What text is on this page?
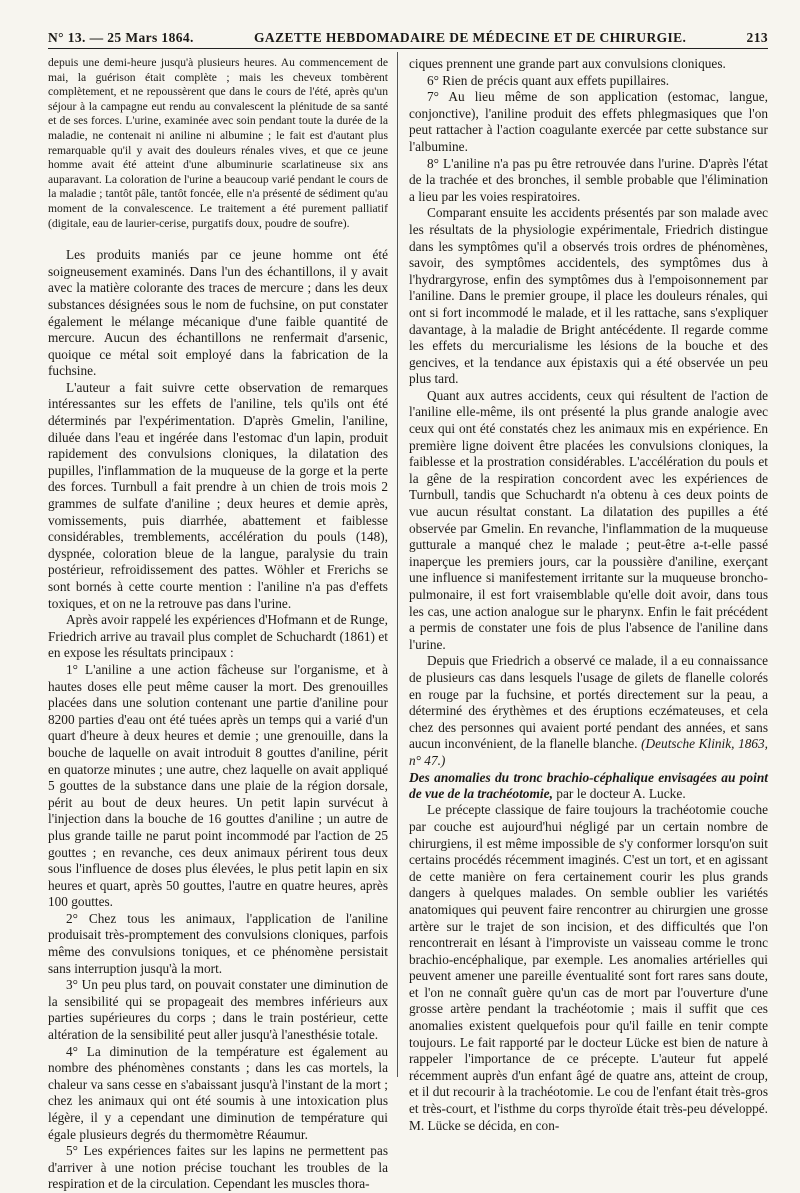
N° 13. — 25 Mars 1864.	GAZETTE HEBDOMADAIRE DE MÉDECINE ET DE CHIRURGIE.	213

depuis une demi-heure jusqu'à plusieurs heures. Au commencement de mai, la guérison était complète ; mais les cheveux tombèrent complètement, et ne repoussèrent que dans le cours de l'été, après qu'un séjour à la campagne eut rendu au convalescent la plénitude de sa santé et de ses forces. L'urine, examinée avec soin pendant toute la durée de la maladie, ne contenait ni aniline ni albumine ; le fait est d'autant plus remarquable qu'il y avait des douleurs rénales vives, et que ce jeune homme avait été atteint d'une albuminurie scarlatineuse six ans auparavant. La coloration de l'urine a beaucoup varié pendant le cours de la maladie ; tantôt pâle, tantôt foncée, elle n'a présenté de sédiment qu'au moment de la convalescence. Le traitement a été purement palliatif (digitale, eau de laurier-cerise, purgatifs doux, poudre de soufre).

Les produits maniés par ce jeune homme ont été soigneusement examinés. Dans l'un des échantillons, il y avait avec la matière colorante des traces de mercure ; dans les deux substances désignées sous le nom de fuchsine, on put constater également le mélange mécanique d'une faible quantité de mercure. Aucun des échantillons ne renfermait d'arsenic, quoique ce métal soit employé dans la fabrication de la fuchsine.

L'auteur a fait suivre cette observation de remarques intéressantes sur les effets de l'aniline, tels qu'ils ont été déterminés par l'expérimentation. D'après Gmelin, l'aniline, diluée dans l'eau et ingérée dans l'estomac d'un lapin, produit rapidement des convulsions cloniques, la dilatation des pupilles, l'inflammation de la muqueuse de la gorge et la perte des forces. Turnbull a fait prendre à un chien de trois mois 2 grammes de sulfate d'aniline ; deux heures et demie après, vomissements, puis diarrhée, abattement et faiblesse considérables, tremblements, accélération du pouls (148), dyspnée, coloration bleue de la langue, paralysie du train postérieur, refroidissement des pattes. Wöhler et Frerichs se sont bornés à cette courte mention : l'aniline n'a pas d'effets toxiques, et on ne la retrouve pas dans l'urine.

Après avoir rappelé les expériences d'Hofmann et de Runge, Friedrich arrive au travail plus complet de Schuchardt (1861) et en expose les résultats principaux :

1° L'aniline a une action fâcheuse sur l'organisme, et à hautes doses elle peut même causer la mort. Des grenouilles placées dans une solution contenant une partie d'aniline pour 8200 parties d'eau ont été tuées après un temps qui a varié d'un quart d'heure à deux heures et demie ; une grenouille, dans la bouche de laquelle on avait introduit 8 gouttes d'aniline, périt en quatorze minutes ; une autre, chez laquelle on avait appliqué 5 gouttes de la substance dans une plaie de la région dorsale, périt au bout de deux heures. Un petit lapin survécut à l'injection dans la bouche de 16 gouttes d'aniline ; un autre de plus grande taille ne parut point incommodé par l'action de 25 gouttes ; en revanche, ces deux animaux périrent tous deux sous l'influence de doses plus élevées, le plus petit lapin en six heures et quart, après 50 gouttes, l'autre en quatre heures, après 100 gouttes.

2° Chez tous les animaux, l'application de l'aniline produisait très-promptement des convulsions cloniques, parfois même des convulsions toniques, et ce phénomène persistait sans interruption jusqu'à la mort.

3° Un peu plus tard, on pouvait constater une diminution de la sensibilité qui se propageait des membres inférieurs aux parties supérieures du corps ; dans le train postérieur, cette altération de la sensibilité peut aller jusqu'à l'anesthésie totale.

4° La diminution de la température est également au nombre des phénomènes constants ; dans les cas mortels, la chaleur va sans cesse en s'abaissant jusqu'à l'instant de la mort ; chez les animaux qui ont été soumis à une intoxication plus légère, il y a cependant une diminution de température qui égale plusieurs degrés du thermomètre Réaumur.

5° Les expériences faites sur les lapins ne permettent pas d'arriver à une notion précise touchant les troubles de la respiration et de la circulation. Cependant les muscles thora-

ciques prennent une grande part aux convulsions cloniques.

6° Rien de précis quant aux effets pupillaires.

7° Au lieu même de son application (estomac, langue, conjonctive), l'aniline produit des effets phlegmasiques que l'on peut rattacher à l'action coagulante exercée par cette substance sur l'albumine.

8° L'aniline n'a pas pu être retrouvée dans l'urine. D'après l'état de la trachée et des bronches, il semble probable que l'élimination a lieu par les voies respiratoires.

Comparant ensuite les accidents présentés par son malade avec les résultats de la physiologie expérimentale, Friedrich distingue dans les symptômes qu'il a observés trois ordres de phénomènes, savoir, des symptômes accidentels, des symptômes dus à l'hydrargyrose, enfin des symptômes dus à l'empoisonnement par l'aniline. Dans le premier groupe, il place les douleurs rénales, qui ont si fort incommodé le malade, et il les rattache, sans s'expliquer davantage, à la maladie de Bright antécédente. Il regarde comme les effets du mercurialisme les lésions de la bouche et des gencives, et la tendance aux épistaxis qui a été observée un peu plus tard.

Quant aux autres accidents, ceux qui résultent de l'action de l'aniline elle-même, ils ont présenté la plus grande analogie avec ceux qui ont été constatés chez les animaux mis en expérience. En première ligne doivent être placées les convulsions cloniques, la faiblesse et la prostration considérables. L'accélération du pouls et la gêne de la respiration concordent avec les expériences de Turnbull, tandis que Schuchardt n'a obtenu à ces deux points de vue aucun résultat constant. La dilatation des pupilles a été observée par Gmelin. En revanche, l'inflammation de la muqueuse gutturale a manqué chez le malade ; peut-être a-t-elle passé inaperçue les premiers jours, car la poussière d'aniline, exerçant une influence si manifestement irritante sur la muqueuse broncho-pulmonaire, il est fort vraisemblable qu'elle doit avoir, dans tous les cas, une action analogue sur le pharynx. Enfin le fait précédent a permis de constater une fois de plus l'absence de l'aniline dans l'urine.

Depuis que Friedrich a observé ce malade, il a eu connaissance de plusieurs cas dans lesquels l'usage de gilets de flanelle colorés en rouge par la fuchsine, et portés directement sur la peau, a déterminé des érythèmes et des éruptions eczémateuses, et cela chez des personnes qui avaient porté pendant des années, et sans aucun inconvénient, de la flanelle blanche. (Deutsche Klinik, 1863, n° 47.)

Des anomalies du tronc brachio-céphalique envisagées au point de vue de la trachéotomie, par le docteur A. Lucke.

Le précepte classique de faire toujours la trachéotomie couche par couche est aujourd'hui négligé par un certain nombre de chirurgiens, il est même impossible de s'y conformer lorsqu'on suit certains procédés récemment imaginés. C'est un tort, et en agissant de cette manière on fera certainement courir les plus grands dangers à quelques malades. On semble oublier les variétés anatomiques qui peuvent faire rencontrer au chirurgien une grosse artère sur le trajet de son incision, et des difficultés que l'on rencontrerait en lésant à l'improviste un vaisseau comme le tronc brachio-encéphalique, par exemple. Les anomalies artérielles qui peuvent amener une pareille éventualité sont fort rares sans doute, et l'on ne connaît guère qu'un cas de mort par l'ouverture d'une grosse artère pendant la trachéotomie ; mais il suffit que ces anomalies existent quelquefois pour qu'il faille en tenir compte toujours. Le fait rapporté par le docteur Lücke est bien de nature à rappeler l'importance de ce précepte. L'auteur fut appelé récemment auprès d'un enfant âgé de quatre ans, atteint de croup, et il dut recourir à la trachéotomie. Le cou de l'enfant était très-gros et très-court, et l'isthme du corps thyroïde était très-peu développé. M. Lücke se décida, en con-
